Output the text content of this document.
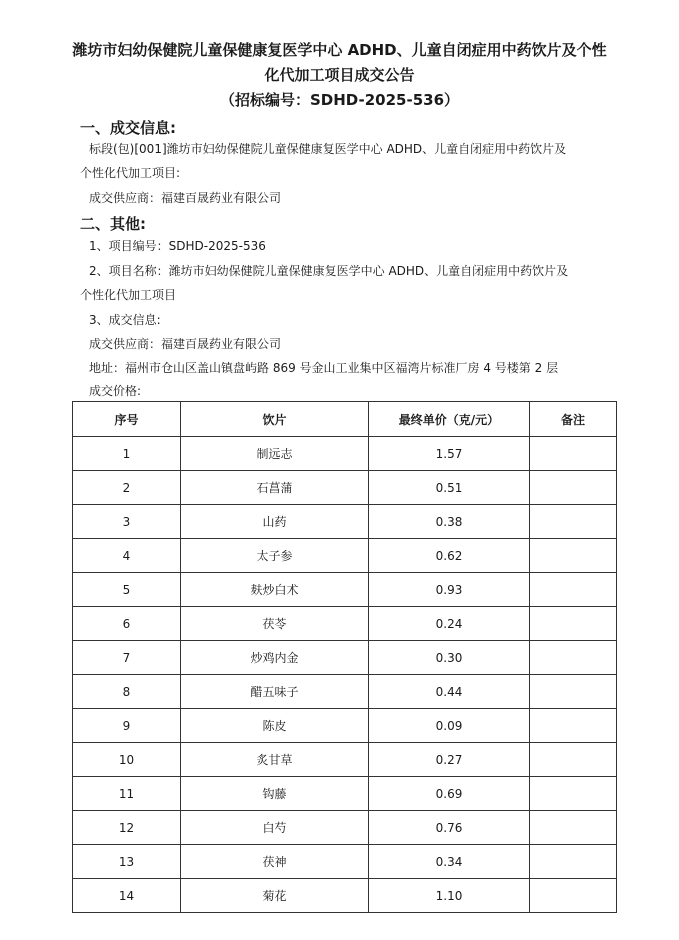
潍坊市妇幼保健院儿童保健康复医学中心 ADHD、儿童自闭症用中药饮片及个性
化代加工项目成交公告
（招标编号：SDHD-2025-536）
一、成交信息:
标段(包)[001]潍坊市妇幼保健院儿童保健康复医学中心 ADHD、儿童自闭症用中药饮片及
个性化代加工项目:
成交供应商：福建百晟药业有限公司
二、其他:
1、项目编号：SDHD-2025-536
2、项目名称：潍坊市妇幼保健院儿童保健康复医学中心 ADHD、儿童自闭症用中药饮片及
个性化代加工项目
3、成交信息:
成交供应商：福建百晟药业有限公司
地址：福州市仓山区盖山镇盘屿路 869 号金山工业集中区福湾片标准厂房 4 号楼第 2 层
成交价格:
序号	饮片	最终单价（克/元）	备注
1	制远志	1.57	
2	石菖蒲	0.51	
3	山药	0.38	
4	太子参	0.62	
5	麸炒白术	0.93	
6	茯苓	0.24	
7	炒鸡内金	0.30	
8	醋五味子	0.44	
9	陈皮	0.09	
10	炙甘草	0.27	
11	钩藤	0.69	
12	白芍	0.76	
13	茯神	0.34	
14	菊花	1.10	
